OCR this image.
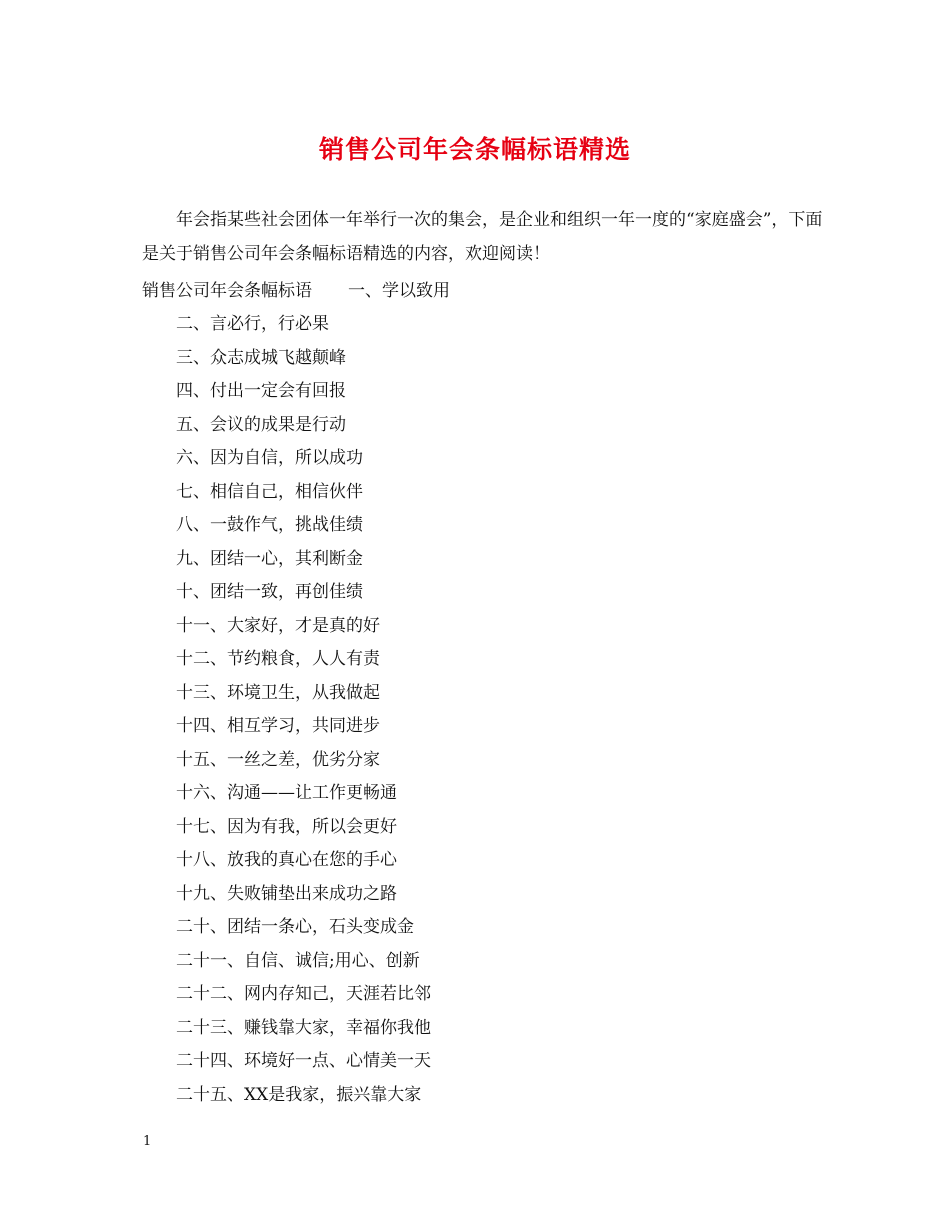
销售公司年会条幅标语精选

年会指某些社会团体一年举行一次的集会，是企业和组织一年一度的“家庭盛会”，下面是关于销售公司年会条幅标语精选的内容，欢迎阅读！

销售公司年会条幅标语 一、学以致用

二、言必行，行必果
三、众志成城飞越颠峰
四、付出一定会有回报
五、会议的成果是行动
六、因为自信，所以成功
七、相信自己，相信伙伴
八、一鼓作气，挑战佳绩
九、团结一心，其利断金
十、团结一致，再创佳绩
十一、大家好，才是真的好
十二、节约粮食，人人有责
十三、环境卫生，从我做起
十四、相互学习，共同进步
十五、一丝之差，优劣分家
十六、沟通——让工作更畅通
十七、因为有我，所以会更好
十八、放我的真心在您的手心
十九、失败铺垫出来成功之路
二十、团结一条心，石头变成金
二十一、自信、诚信;用心、创新
二十二、网内存知己，天涯若比邻
二十三、赚钱靠大家，幸福你我他
二十四、环境好一点、心情美一天
二十五、XX是我家，振兴靠大家
1
